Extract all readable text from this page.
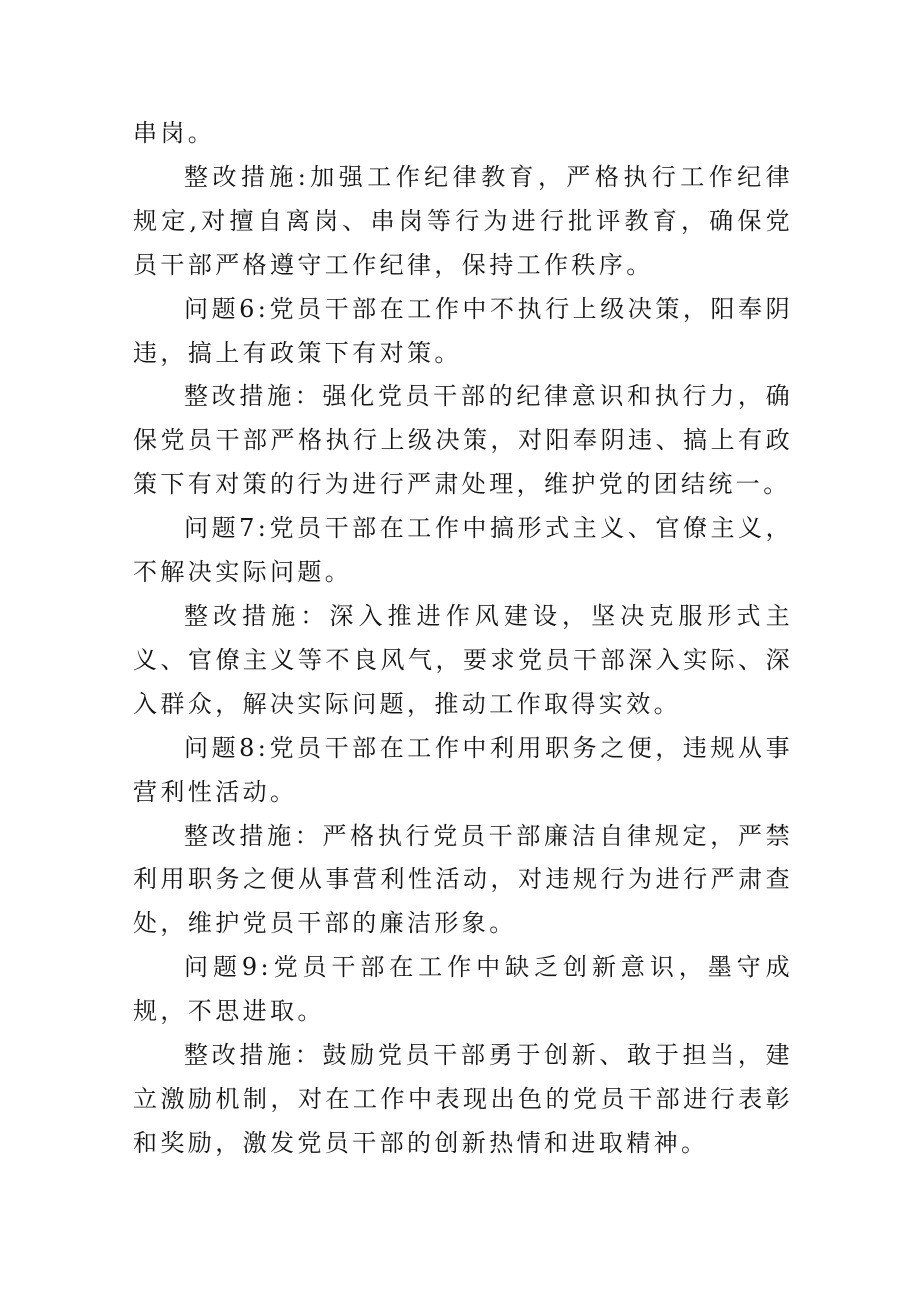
串岗。

整改措施:加强工作纪律教育，严格执行工作纪律规定,对擅自离岗、串岗等行为进行批评教育，确保党员干部严格遵守工作纪律，保持工作秩序。

问题6:党员干部在工作中不执行上级决策，阳奉阴违，搞上有政策下有对策。

整改措施：强化党员干部的纪律意识和执行力，确保党员干部严格执行上级决策，对阳奉阴违、搞上有政策下有对策的行为进行严肃处理，维护党的团结统一。

问题7:党员干部在工作中搞形式主义、官僚主义，不解决实际问题。

整改措施：深入推进作风建设，坚决克服形式主义、官僚主义等不良风气，要求党员干部深入实际、深入群众，解决实际问题，推动工作取得实效。

问题8:党员干部在工作中利用职务之便，违规从事营利性活动。

整改措施：严格执行党员干部廉洁自律规定，严禁利用职务之便从事营利性活动，对违规行为进行严肃查处，维护党员干部的廉洁形象。

问题9:党员干部在工作中缺乏创新意识，墨守成规，不思进取。

整改措施：鼓励党员干部勇于创新、敢于担当，建立激励机制，对在工作中表现出色的党员干部进行表彰和奖励，激发党员干部的创新热情和进取精神。
